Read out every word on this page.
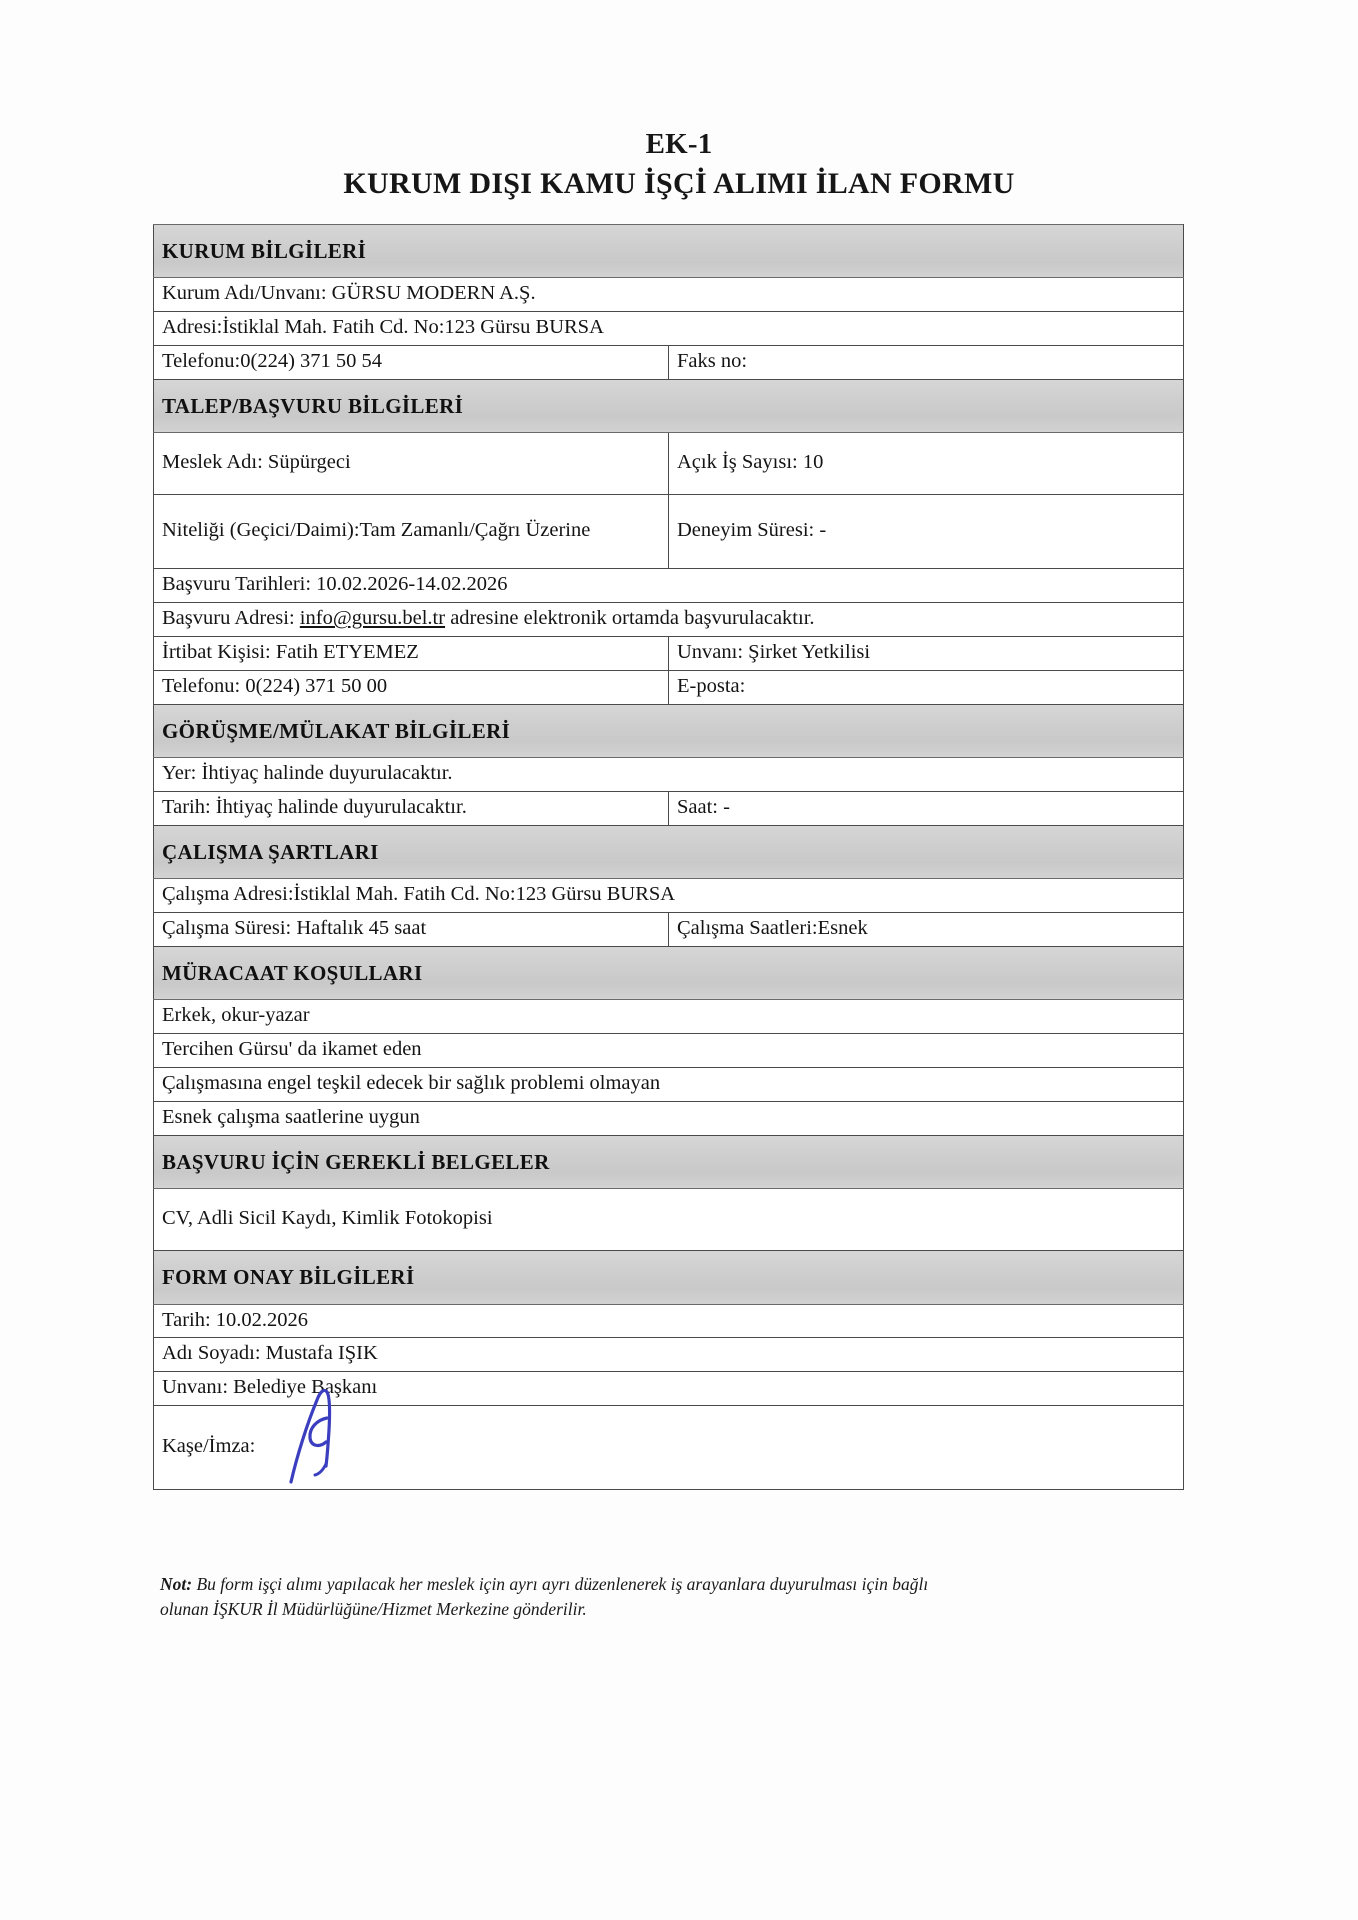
EK-1
KURUM DIŞI KAMU İŞÇİ ALIMI İLAN FORMU
KURUM BİLGİLERİ	
Kurum Adı/Unvanı: GÜRSU MODERN A.Ş.	
Adresi:İstiklal Mah. Fatih Cd. No:123 Gürsu BURSA	
Telefonu:0(224) 371 50 54	Faks no:
TALEP/BAŞVURU BİLGİLERİ	
Meslek Adı: Süpürgeci	Açık İş Sayısı: 10
Niteliği (Geçici/Daimi):Tam Zamanlı/Çağrı Üzerine	Deneyim Süresi: -
Başvuru Tarihleri: 10.02.2026-14.02.2026	
Başvuru Adresi: info@gursu.bel.tr adresine elektronik ortamda başvurulacaktır.	
İrtibat Kişisi: Fatih ETYEMEZ	Unvanı: Şirket Yetkilisi
Telefonu: 0(224) 371 50 00	E-posta:
GÖRÜŞME/MÜLAKAT BİLGİLERİ	
Yer: İhtiyaç halinde duyurulacaktır.	
Tarih: İhtiyaç halinde duyurulacaktır.	Saat: -
ÇALIŞMA ŞARTLARI	
Çalışma Adresi:İstiklal Mah. Fatih Cd. No:123 Gürsu BURSA	
Çalışma Süresi: Haftalık 45 saat	Çalışma Saatleri:Esnek
MÜRACAAT KOŞULLARI	
Erkek, okur-yazar	
Tercihen Gürsu' da ikamet eden	
Çalışmasına engel teşkil edecek bir sağlık problemi olmayan	
Esnek çalışma saatlerine uygun	
BAŞVURU İÇİN GEREKLİ BELGELER	
CV, Adli Sicil Kaydı, Kimlik Fotokopisi	
FORM ONAY BİLGİLERİ	
Tarih: 10.02.2026	
Adı Soyadı: Mustafa IŞIK	
Unvanı: Belediye Başkanı	
Kaşe/İmza:	
Not: Bu form işçi alımı yapılacak her meslek için ayrı ayrı düzenlenerek iş arayanlara duyurulması için bağlı
olunan İŞKUR İl Müdürlüğüne/Hizmet Merkezine gönderilir.
